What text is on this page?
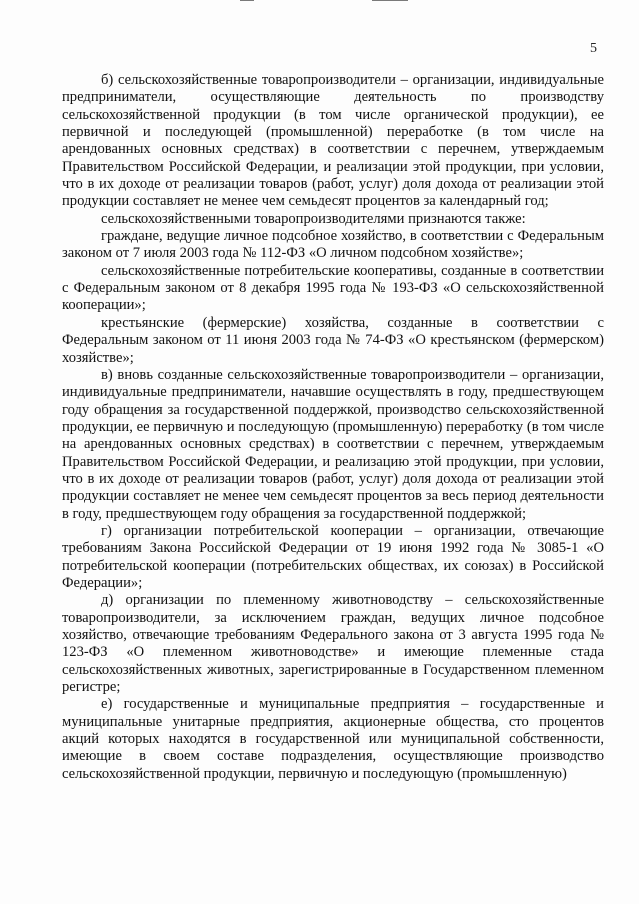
5

б) сельскохозяйственные товаропроизводители – организации, индивидуальные предприниматели, осуществляющие деятельность по производству сельскохозяйственной продукции (в том числе органической продукции), ее первичной и последующей (промышленной) переработке (в том числе на арендованных основных средствах) в соответствии с перечнем, утверждаемым Правительством Российской Федерации, и реализации этой продукции, при условии, что в их доходе от реализации товаров (работ, услуг) доля дохода от реализации этой продукции составляет не менее чем семьдесят процентов за календарный год;

сельскохозяйственными товаропроизводителями признаются также:

граждане, ведущие личное подсобное хозяйство, в соответствии с Федеральным законом от 7 июля 2003 года № 112-ФЗ «О личном подсобном хозяйстве»;

сельскохозяйственные потребительские кооперативы, созданные в соответствии с Федеральным законом от 8 декабря 1995 года № 193-ФЗ «О сельскохозяйственной кооперации»;

крестьянские (фермерские) хозяйства, созданные в соответствии с Федеральным законом от 11 июня 2003 года № 74-ФЗ «О крестьянском (фермерском) хозяйстве»;

в) вновь созданные сельскохозяйственные товаропроизводители – организации, индивидуальные предприниматели, начавшие осуществлять в году, предшествующем году обращения за государственной поддержкой, производство сельскохозяйственной продукции, ее первичную и последующую (промышленную) переработку (в том числе на арендованных основных средствах) в соответствии с перечнем, утверждаемым Правительством Российской Федерации, и реализацию этой продукции, при условии, что в их доходе от реализации товаров (работ, услуг) доля дохода от реализации этой продукции составляет не менее чем семьдесят процентов за весь период деятельности в году, предшествующем году обращения за государственной поддержкой;

г) организации потребительской кооперации – организации, отвечающие требованиям Закона Российской Федерации от 19 июня 1992 года № 3085-1 «О потребительской кооперации (потребительских обществах, их союзах) в Российской Федерации»;

д) организации по племенному животноводству – сельскохозяйственные товаропроизводители, за исключением граждан, ведущих личное подсобное хозяйство, отвечающие требованиям Федерального закона от 3 августа 1995 года № 123-ФЗ «О племенном животноводстве» и имеющие племенные стада сельскохозяйственных животных, зарегистрированные в Государственном племенном регистре;

е) государственные и муниципальные предприятия – государственные и муниципальные унитарные предприятия, акционерные общества, сто процентов акций которых находятся в государственной или муниципальной собственности, имеющие в своем составе подразделения, осуществляющие производство сельскохозяйственной продукции, первичную и последующую (промышленную)
